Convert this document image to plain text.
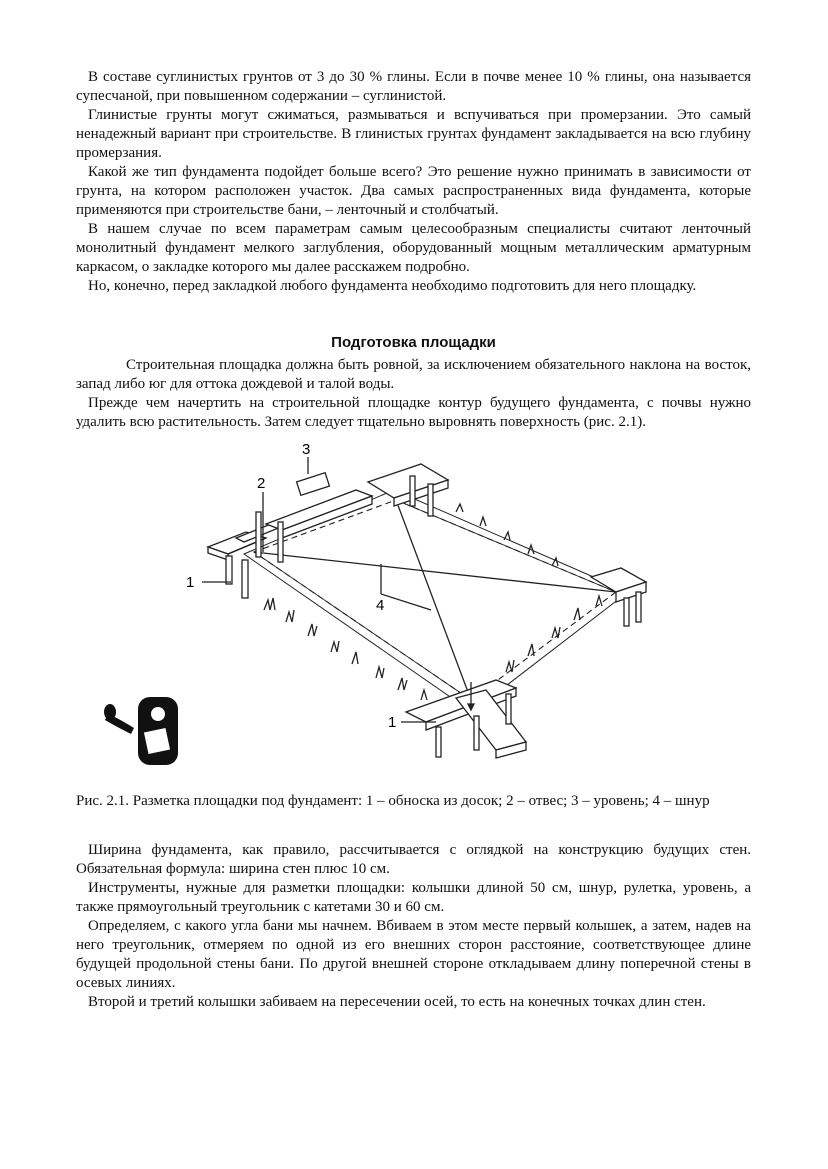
В составе суглинистых грунтов от 3 до 30 % глины. Если в почве менее 10 % глины, она называется супесчаной, при повышенном содержании – суглинистой.

Глинистые грунты могут сжиматься, размываться и вспучиваться при промерзании. Это самый ненадежный вариант при строительстве. В глинистых грунтах фундамент закладывается на всю глубину промерзания.

Какой же тип фундамента подойдет больше всего? Это решение нужно принимать в зависимости от грунта, на котором расположен участок. Два самых распространенных вида фундамента, которые применяются при строительстве бани, – ленточный и столбчатый.

В нашем случае по всем параметрам самым целесообразным специалисты считают ленточный монолитный фундамент мелкого заглубления, оборудованный мощным металлическим арматурным каркасом, о закладке которого мы далее расскажем подробно.

Но, конечно, перед закладкой любого фундамента необходимо подготовить для него площадку.

Подготовка площадки

Строительная площадка должна быть ровной, за исключением обязательного наклона на восток, запад либо юг для оттока дождевой и талой воды.

Прежде чем начертить на строительной площадке контур будущего фундамента, с почвы нужно удалить всю растительность. Затем следует тщательно выровнять поверхность (рис. 2.1).

1
2
3
4
1

Рис. 2.1. Разметка площадки под фундамент: 1 – обноска из досок; 2 – отвес; 3 – уровень; 4 – шнур

Ширина фундамента, как правило, рассчитывается с оглядкой на конструкцию будущих стен. Обязательная формула: ширина стен плюс 10 см.

Инструменты, нужные для разметки площадки: колышки длиной 50 см, шнур, рулетка, уровень, а также прямоугольный треугольник с катетами 30 и 60 см.

Определяем, с какого угла бани мы начнем. Вбиваем в этом месте первый колышек, а затем, надев на него треугольник, отмеряем по одной из его внешних сторон расстояние, соответствующее длине будущей продольной стены бани. По другой внешней стороне откладываем длину поперечной стены в осевых линиях.

Второй и третий колышки забиваем на пересечении осей, то есть на конечных точках длин стен.
